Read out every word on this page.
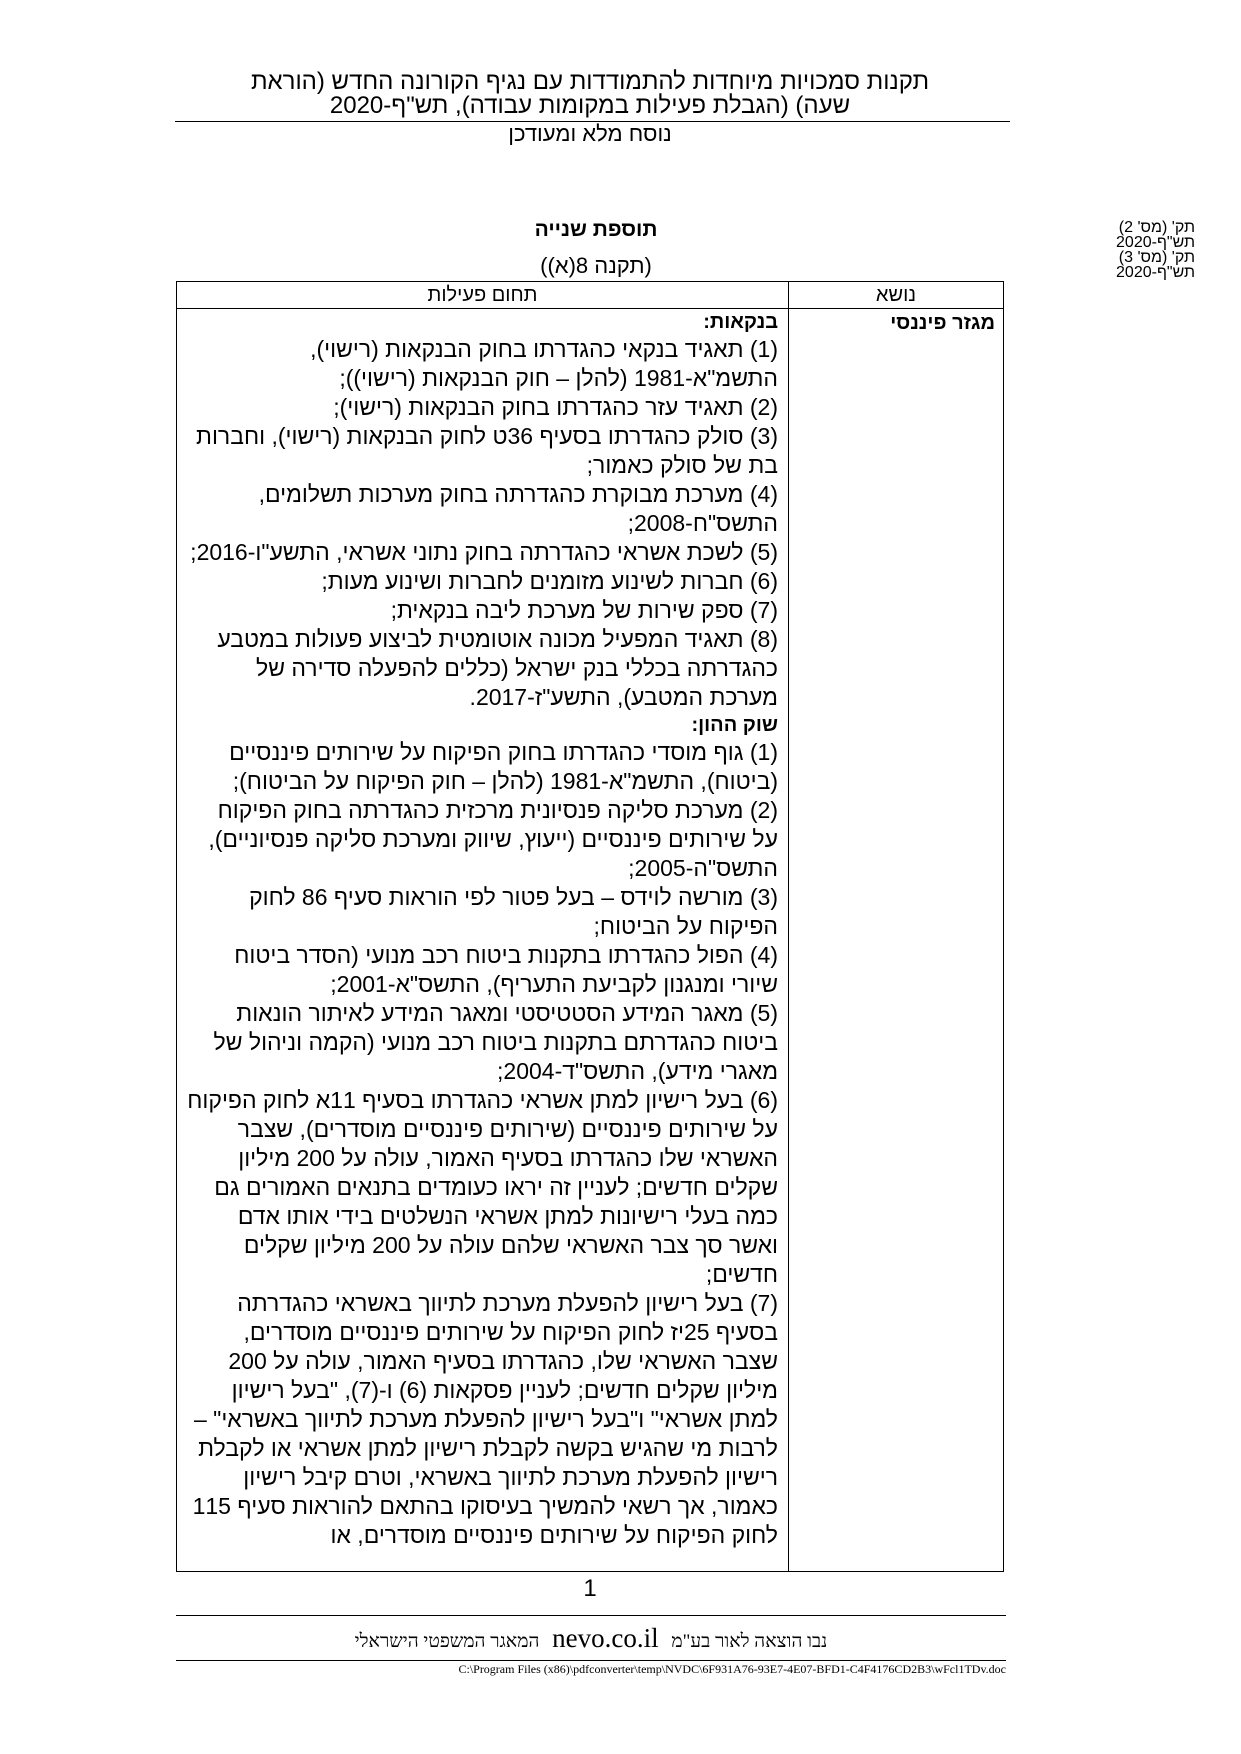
תקנות סמכויות מיוחדות להתמודדות עם נגיף הקורונה החדש (הוראת
שעה) (הגבלת פעילות במקומות עבודה), תש"ף-2020
נוסח מלא ומעודכן
תק' (מס' 2)
תש"ף-2020
תק' (מס' 3)
תש"ף-2020
תוספת שנייה
(תקנה 8(א))
תחום פעילות	נושא
מגזר פיננסי
בנקאות:
(1) תאגיד בנקאי כהגדרתו בחוק הבנקאות (רישוי), התשמ"א-1981 (להלן – חוק הבנקאות (רישוי));
(2) תאגיד עזר כהגדרתו בחוק הבנקאות (רישוי);
(3) סולק כהגדרתו בסעיף 36ט לחוק הבנקאות (רישוי), וחברות בת של סולק כאמור;
(4) מערכת מבוקרת כהגדרתה בחוק מערכות תשלומים, התשס"ח-2008;
(5) לשכת אשראי כהגדרתה בחוק נתוני אשראי, התשע"ו-2016;
(6) חברות לשינוע מזומנים לחברות ושינוע מעות;
(7) ספק שירות של מערכת ליבה בנקאית;
(8) תאגיד המפעיל מכונה אוטומטית לביצוע פעולות במטבע כהגדרתה בכללי בנק ישראל (כללים להפעלה סדירה של מערכת המטבע), התשע"ז-2017.
שוק ההון:
(1) גוף מוסדי כהגדרתו בחוק הפיקוח על שירותים פיננסיים (ביטוח), התשמ"א-1981 (להלן – חוק הפיקוח על הביטוח);
(2) מערכת סליקה פנסיונית מרכזית כהגדרתה בחוק הפיקוח על שירותים פיננסיים (ייעוץ, שיווק ומערכת סליקה פנסיוניים), התשס"ה-2005;
(3) מורשה לוידס – בעל פטור לפי הוראות סעיף 86 לחוק הפיקוח על הביטוח;
(4) הפול כהגדרתו בתקנות ביטוח רכב מנועי (הסדר ביטוח שיורי ומנגנון לקביעת התעריף), התשס"א-2001;
(5) מאגר המידע הסטטיסטי ומאגר המידע לאיתור הונאות ביטוח כהגדרתם בתקנות ביטוח רכב מנועי (הקמה וניהול של מאגרי מידע), התשס"ד-2004;
(6) בעל רישיון למתן אשראי כהגדרתו בסעיף 11א לחוק הפיקוח על שירותים פיננסיים (שירותים פיננסיים מוסדרים), שצבר האשראי שלו כהגדרתו בסעיף האמור, עולה על 200 מיליון שקלים חדשים; לעניין זה יראו כעומדים בתנאים האמורים גם כמה בעלי רישיונות למתן אשראי הנשלטים בידי אותו אדם ואשר סך צבר האשראי שלהם עולה על 200 מיליון שקלים חדשים;
(7) בעל רישיון להפעלת מערכת לתיווך באשראי כהגדרתה בסעיף 25יז לחוק הפיקוח על שירותים פיננסיים מוסדרים, שצבר האשראי שלו, כהגדרתו בסעיף האמור, עולה על 200 מיליון שקלים חדשים; לעניין פסקאות (6) ו-(7), "בעל רישיון למתן אשראי" ו"בעל רישיון להפעלת מערכת לתיווך באשראי" – לרבות מי שהגיש בקשה לקבלת רישיון למתן אשראי או לקבלת רישיון להפעלת מערכת לתיווך באשראי, וטרם קיבל רישיון כאמור, אך רשאי להמשיך בעיסוקו בהתאם להוראות סעיף 115 לחוק הפיקוח על שירותים פיננסיים מוסדרים, או
1
נבו הוצאה לאור בע"מ nevo.co.il המאגר המשפטי הישראלי
C:\Program Files (x86)\pdfconverter\temp\NVDC\6F931A76-93E7-4E07-BFD1-C4F4176CD2B3\wFcl1TDv.doc
